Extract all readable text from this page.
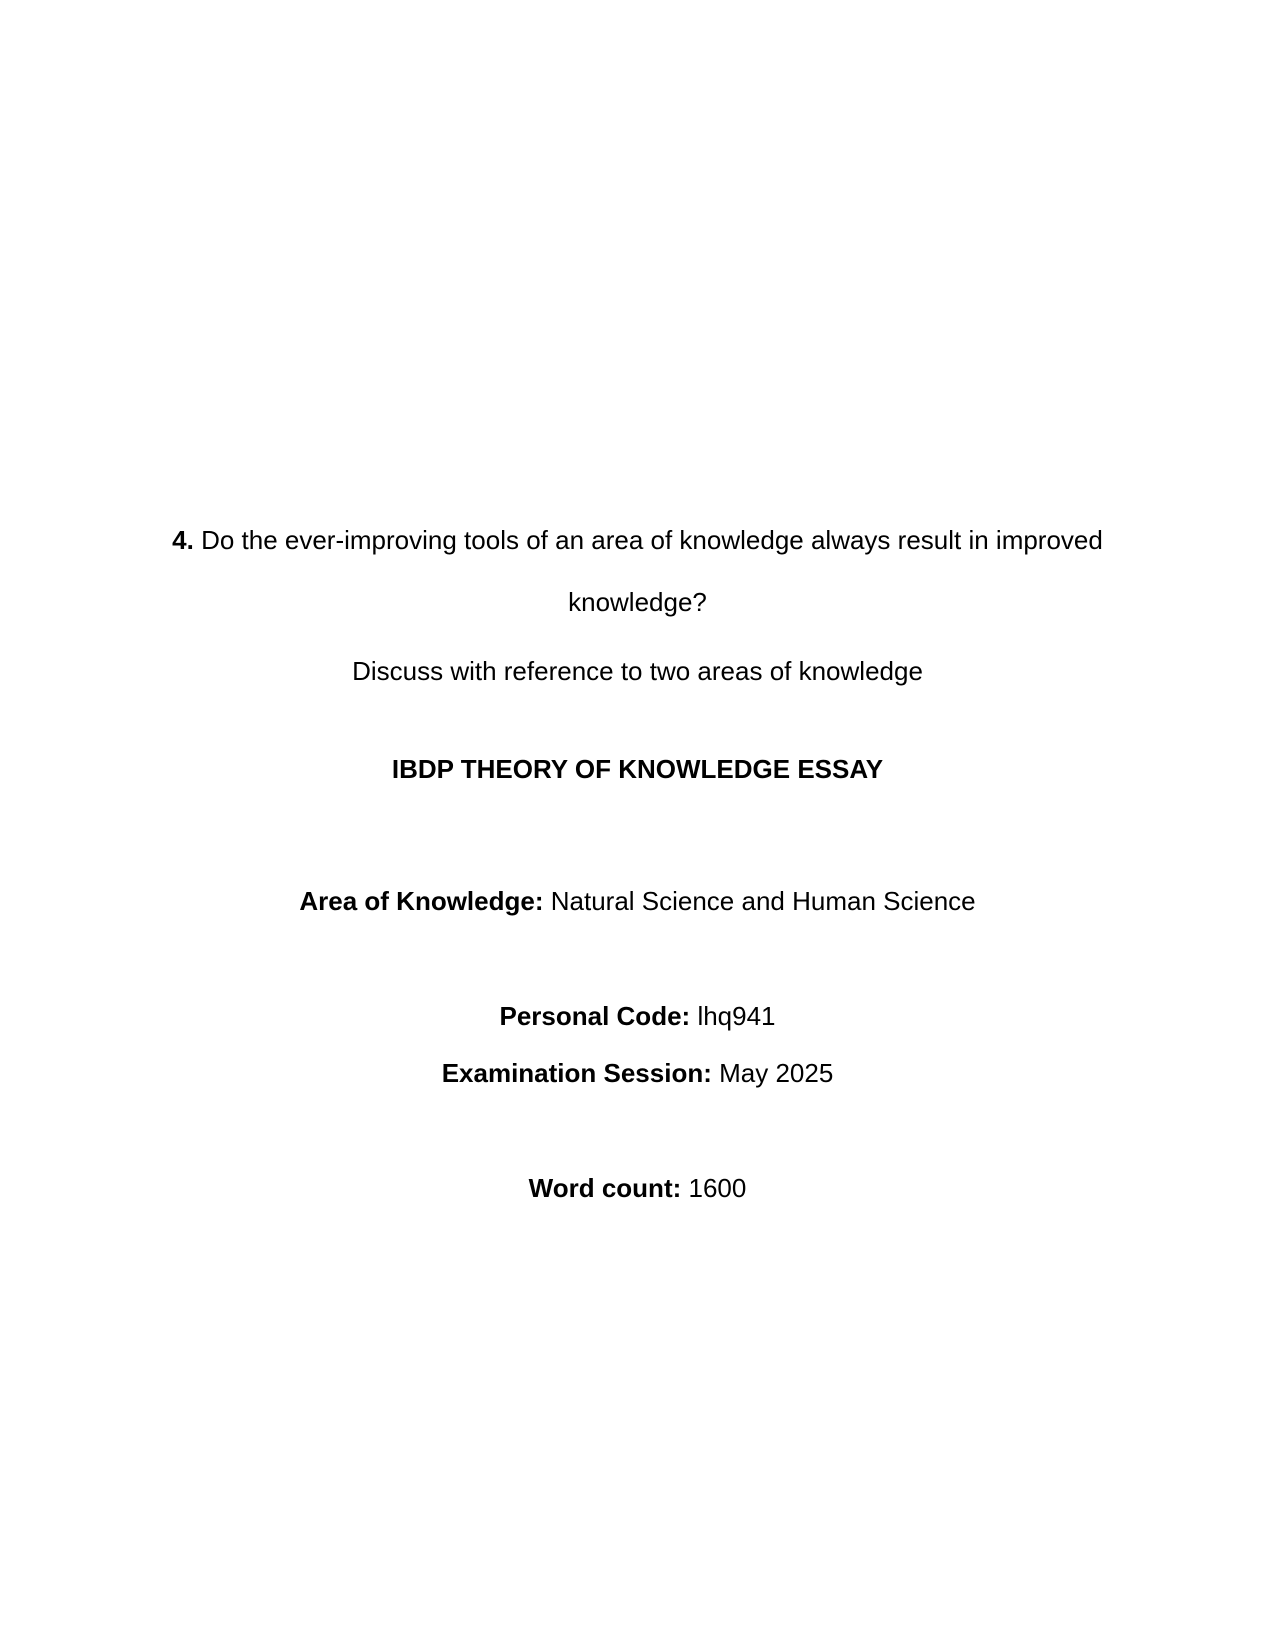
4. Do the ever-improving tools of an area of knowledge always result in improved
knowledge?
Discuss with reference to two areas of knowledge
IBDP THEORY OF KNOWLEDGE ESSAY
Area of Knowledge: Natural Science and Human Science
Personal Code: lhq941
Examination Session: May 2025
Word count: 1600
